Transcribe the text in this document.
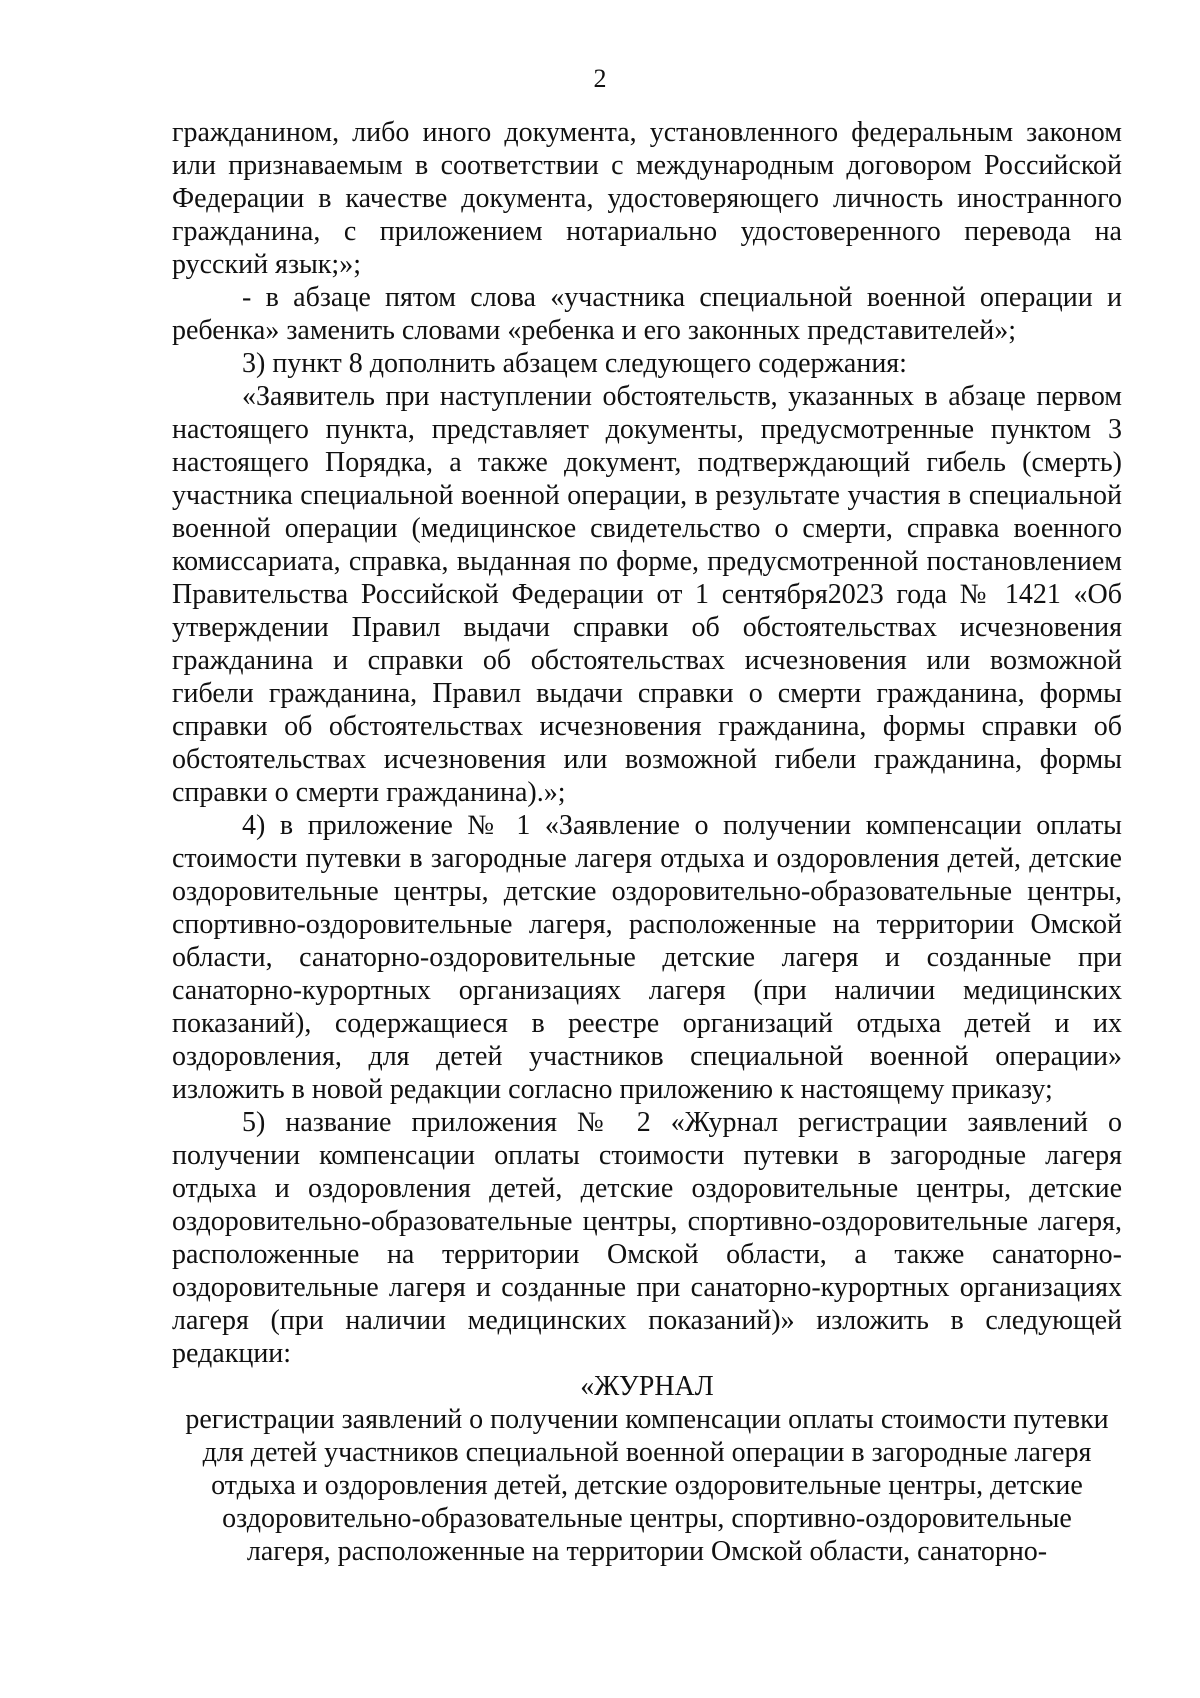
2

гражданином, либо иного документа, установленного федеральным законом или признаваемым в соответствии с международным договором Российской Федерации в качестве документа, удостоверяющего личность иностранного гражданина, с приложением нотариально удостоверенного перевода на русский язык;»;

- в абзаце пятом слова «участника специальной военной операции и ребенка» заменить словами «ребенка и его законных представителей»;

3) пункт 8 дополнить абзацем следующего содержания:

«Заявитель при наступлении обстоятельств, указанных в абзаце первом настоящего пункта, представляет документы, предусмотренные пунктом 3 настоящего Порядка, а также документ, подтверждающий гибель (смерть) участника специальной военной операции, в результате участия в специальной военной операции (медицинское свидетельство о смерти, справка военного комиссариата, справка, выданная по форме, предусмотренной постановлением Правительства Российской Федерации от 1 сентября2023 года № 1421 «Об утверждении Правил выдачи справки об обстоятельствах исчезновения гражданина и справки об обстоятельствах исчезновения или возможной гибели гражданина, Правил выдачи справки о смерти гражданина, формы справки об обстоятельствах исчезновения гражданина, формы справки об обстоятельствах исчезновения или возможной гибели гражданина, формы справки о смерти гражданина).»;

4) в приложение № 1 «Заявление о получении компенсации оплаты стоимости путевки в загородные лагеря отдыха и оздоровления детей, детские оздоровительные центры, детские оздоровительно-образовательные центры, спортивно-оздоровительные лагеря, расположенные на территории Омской области, санаторно-оздоровительные детские лагеря и созданные при санаторно-курортных организациях лагеря (при наличии медицинских показаний), содержащиеся в реестре организаций отдыха детей и их оздоровления, для детей участников специальной военной операции» изложить в новой редакции согласно приложению к настоящему приказу;

5) название приложения № 2 «Журнал регистрации заявлений о получении компенсации оплаты стоимости путевки в загородные лагеря отдыха и оздоровления детей, детские оздоровительные центры, детские оздоровительно-образовательные центры, спортивно-оздоровительные лагеря, расположенные на территории Омской области, а также санаторно-оздоровительные лагеря и созданные при санаторно-курортных организациях лагеря (при наличии медицинских показаний)» изложить в следующей редакции:

«ЖУРНАЛ

регистрации заявлений о получении компенсации оплаты стоимости путевки

для детей участников специальной военной операции в загородные лагеря

отдыха и оздоровления детей, детские оздоровительные центры, детские

оздоровительно-образовательные центры, спортивно-оздоровительные

лагеря, расположенные на территории Омской области, санаторно-
